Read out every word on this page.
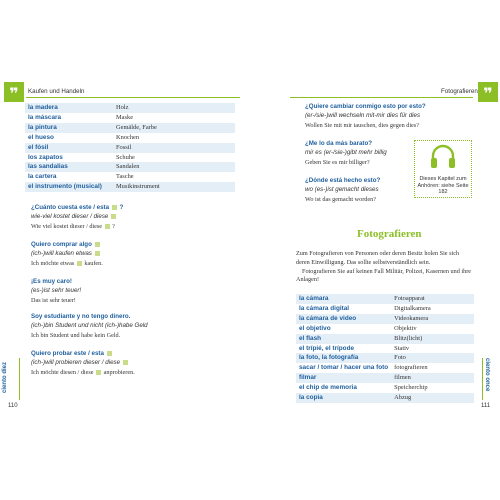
❞	Kaufen und Handeln
la madera	Holz
la máscara	Maske
la pintura	Gemälde, Farbe
el hueso	Knochen
el fósil	Fossil
los zapatos	Schuhe
las sandalias	Sandalen
la cartera	Tasche
el instrumento (musical)	Musikinstrument
¿Cuánto cuesta este / esta ?
wie-viel kostet dieser / diese
Wie viel kostet dieser / diese ?
Quiero comprar algo
(ich-)will kaufen etwas
Ich möchte etwas kaufen.
¡Es muy caro!
(es-)ist sehr teuer!
Das ist sehr teuer!
Soy estudiante y no tengo dinero.
(ich-)bin Student und nicht (ich-)habe Geld
Ich bin Student und habe kein Geld.
Quiero probar este / esta
(ich-)will probieren dieser / diese
Ich möchte diesen / diese anprobieren.
ciento diez
110
Fotografieren ❞
¿Quiere cambiar conmigo esto por esto?
(er-/sie-)will wechseln mit-mir dies für dies
Wollen Sie mit mir tauschen, dies gegen dies?
¿Me lo da más barato?
mir es (er-/sie-)gibt mehr billig
Geben Sie es mir billiger?
¿Dónde está hecho esto?
wo (es-)ist gemacht dieses
Wo ist das gemacht worden?
Dieses Kapitel zum Anhören: siehe Seite 182
Fotografieren

Zum Fotografieren von Personen oder deren Besitz holen Sie sich deren Einwilligung. Das sollte selbstverständlich sein.

Fotografieren Sie auf keinen Fall Militär, Polizei, Kasernen und ihre Anlagen!

la cámara	Fotoapparat
la cámara digital	Digitalkamera
la cámara de video	Videokamera
el objetivo	Objektiv
el flash	Blitz(licht)
el trípié, el trípode	Stativ
la foto, la fotografía	Foto
sacar / tomar / hacer una foto	fotografieren
filmar	filmen
el chip de memoria	Speicherchip
la copia	Abzug
ciento once
111
